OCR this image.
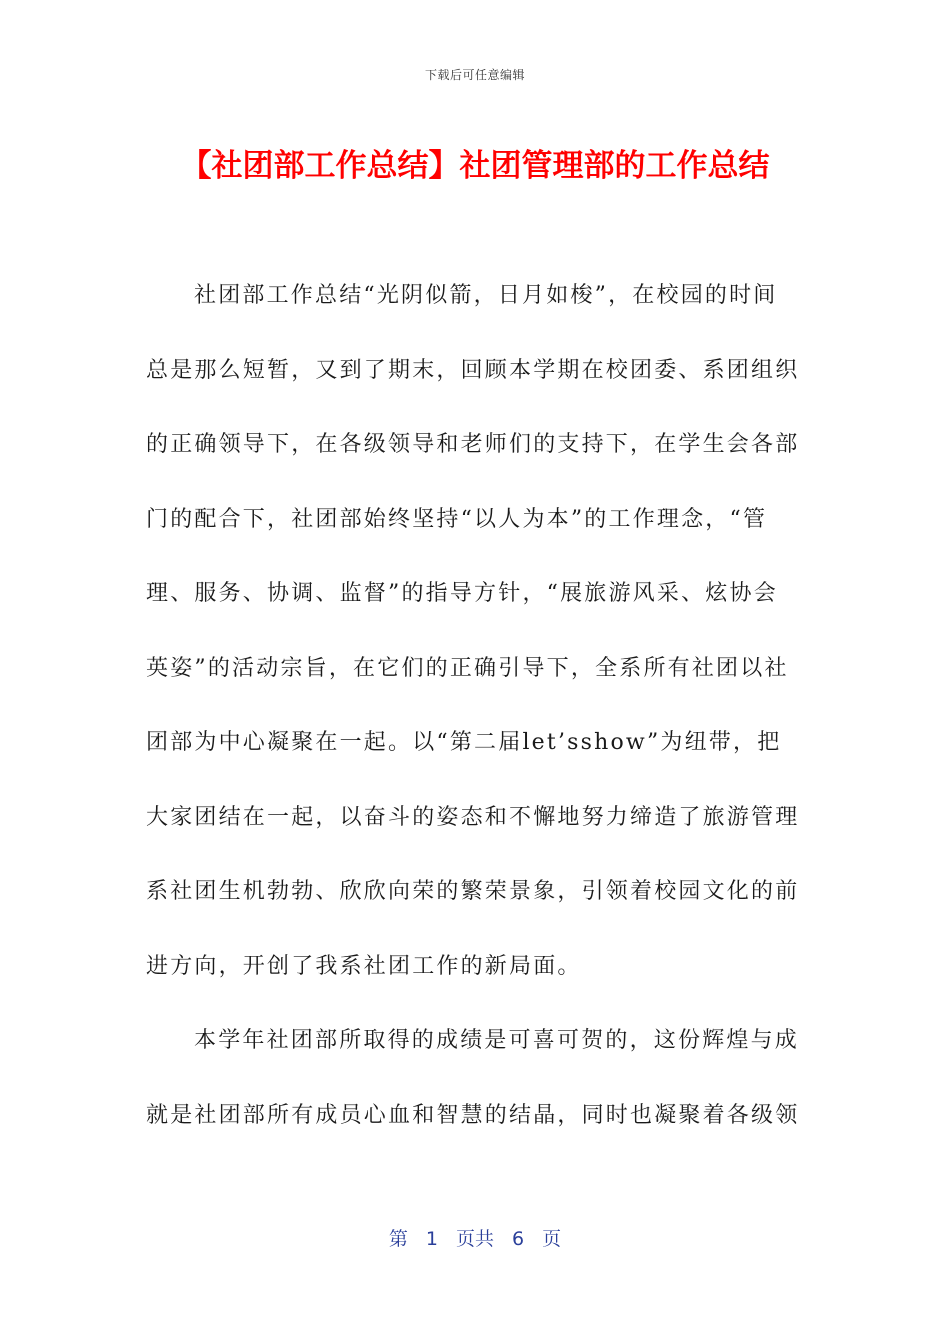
下载后可任意编辑
【社团部工作总结】社团管理部的工作总结
社团部工作总结“光阴似箭，日月如梭”，在校园的时间
总是那么短暂，又到了期末，回顾本学期在校团委、系团组织
的正确领导下，在各级领导和老师们的支持下，在学生会各部
门的配合下，社团部始终坚持“以人为本”的工作理念，“管
理、服务、协调、监督”的指导方针，“展旅游风采、炫协会
英姿”的活动宗旨，在它们的正确引导下，全系所有社团以社
团部为中心凝聚在一起。以“第二届let’sshow”为纽带，把
大家团结在一起，以奋斗的姿态和不懈地努力缔造了旅游管理
系社团生机勃勃、欣欣向荣的繁荣景象，引领着校园文化的前
进方向，开创了我系社团工作的新局面。
本学年社团部所取得的成绩是可喜可贺的，这份辉煌与成
就是社团部所有成员心血和智慧的结晶，同时也凝聚着各级领
第 1 页共 6 页
